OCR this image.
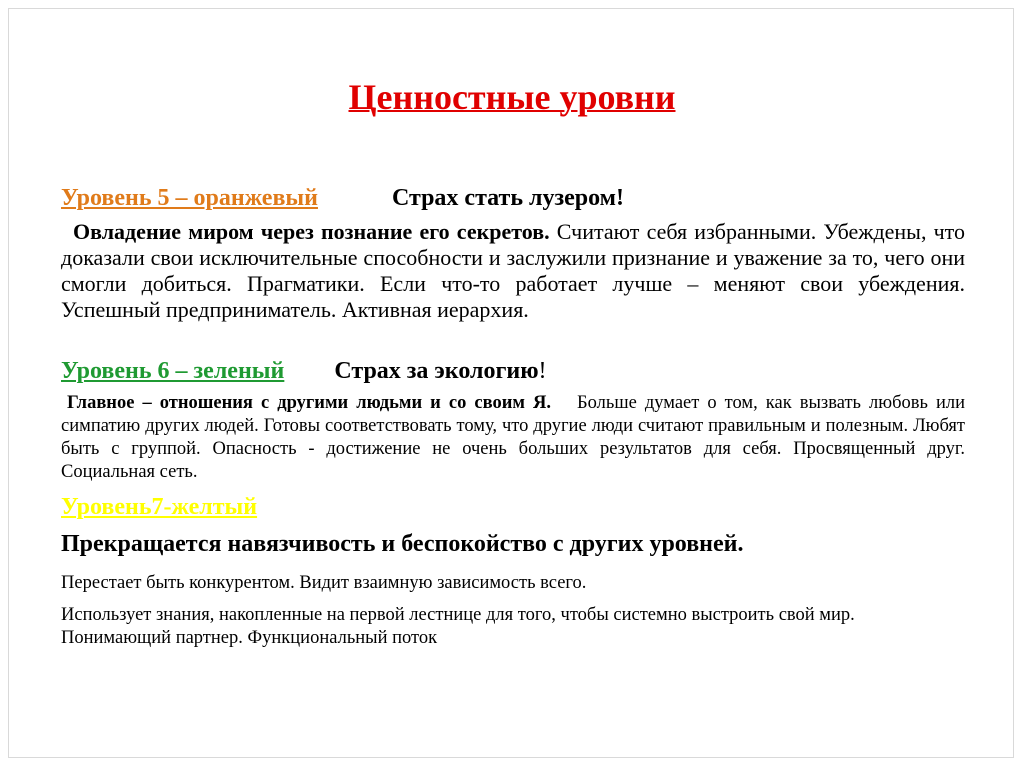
Ценностные уровни
Уровень 5 – оранжевый	Страх стать лузером!
Овладение миром через познание его секретов. Считают себя избранными. Убеждены, что доказали свои исключительные способности и заслужили признание и уважение за то, чего они смогли добиться. Прагматики. Если что-то работает лучше – меняют свои убеждения. Успешный предприниматель. Активная иерархия.
Уровень 6 – зеленый Страх за экологию!
Главное – отношения с другими людьми и со своим Я. Больше думает о том, как вызвать любовь или симпатию других людей. Готовы соответствовать тому, что другие люди считают правильным и полезным. Любят быть с группой. Опасность - достижение не очень больших результатов для себя. Просвященный друг. Социальная сеть.
Уровень7-желтый
Прекращается навязчивость и беспокойство с других уровней.
Перестает быть конкурентом. Видит взаимную зависимость всего.
Использует знания, накопленные на первой лестнице для того, чтобы системно выстроить свой мир. Понимающий партнер. Функциональный поток
